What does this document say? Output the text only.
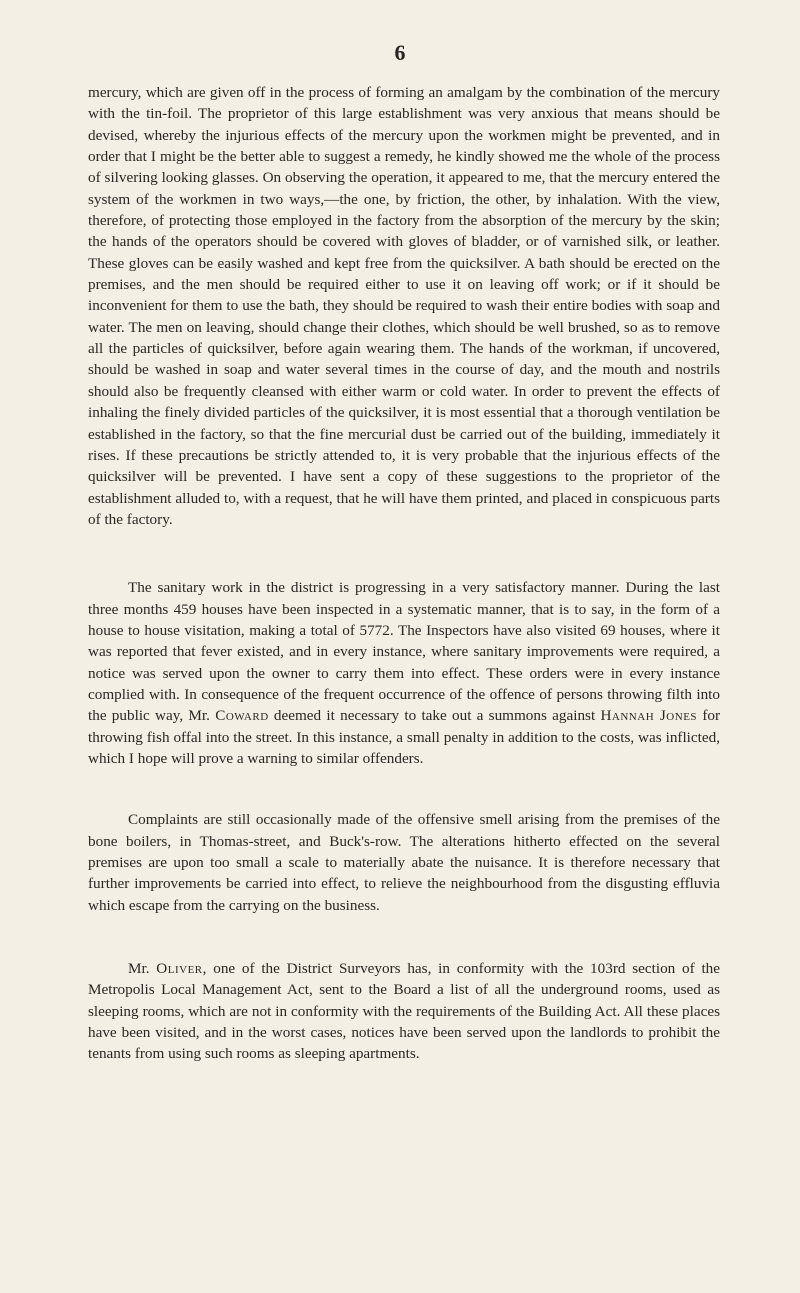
6

mercury, which are given off in the process of forming an amalgam by the combination of the mercury with the tin-foil. The proprietor of this large establishment was very anxious that means should be devised, whereby the injurious effects of the mercury upon the workmen might be prevented, and in order that I might be the better able to suggest a remedy, he kindly showed me the whole of the process of silvering looking glasses. On observing the operation, it appeared to me, that the mercury entered the system of the workmen in two ways,—the one, by friction, the other, by inhalation. With the view, therefore, of protecting those employed in the factory from the absorption of the mercury by the skin; the hands of the operators should be covered with gloves of bladder, or of varnished silk, or leather. These gloves can be easily washed and kept free from the quicksilver. A bath should be erected on the premises, and the men should be required either to use it on leaving off work; or if it should be inconvenient for them to use the bath, they should be required to wash their entire bodies with soap and water. The men on leaving, should change their clothes, which should be well brushed, so as to remove all the particles of quicksilver, before again wearing them. The hands of the workman, if uncovered, should be washed in soap and water several times in the course of day, and the mouth and nostrils should also be frequently cleansed with either warm or cold water. In order to prevent the effects of inhaling the finely divided particles of the quicksilver, it is most essential that a thorough ventilation be established in the factory, so that the fine mercurial dust be carried out of the building, immediately it rises. If these precautions be strictly attended to, it is very probable that the injurious effects of the quicksilver will be prevented. I have sent a copy of these suggestions to the proprietor of the establishment alluded to, with a request, that he will have them printed, and placed in conspicuous parts of the factory.

The sanitary work in the district is progressing in a very satisfactory manner. During the last three months 459 houses have been inspected in a systematic manner, that is to say, in the form of a house to house visitation, making a total of 5772. The Inspectors have also visited 69 houses, where it was reported that fever existed, and in every instance, where sanitary improvements were required, a notice was served upon the owner to carry them into effect. These orders were in every instance complied with. In consequence of the frequent occurrence of the offence of persons throwing filth into the public way, Mr. Coward deemed it necessary to take out a summons against Hannah Jones for throwing fish offal into the street. In this instance, a small penalty in addition to the costs, was inflicted, which I hope will prove a warning to similar offenders.

Complaints are still occasionally made of the offensive smell arising from the premises of the bone boilers, in Thomas-street, and Buck's-row. The alterations hitherto effected on the several premises are upon too small a scale to materially abate the nuisance. It is therefore necessary that further improvements be carried into effect, to relieve the neighbourhood from the disgusting effluvia which escape from the carrying on the business.

Mr. Oliver, one of the District Surveyors has, in conformity with the 103rd section of the Metropolis Local Management Act, sent to the Board a list of all the underground rooms, used as sleeping rooms, which are not in conformity with the requirements of the Building Act. All these places have been visited, and in the worst cases, notices have been served upon the landlords to prohibit the tenants from using such rooms as sleeping apartments.
